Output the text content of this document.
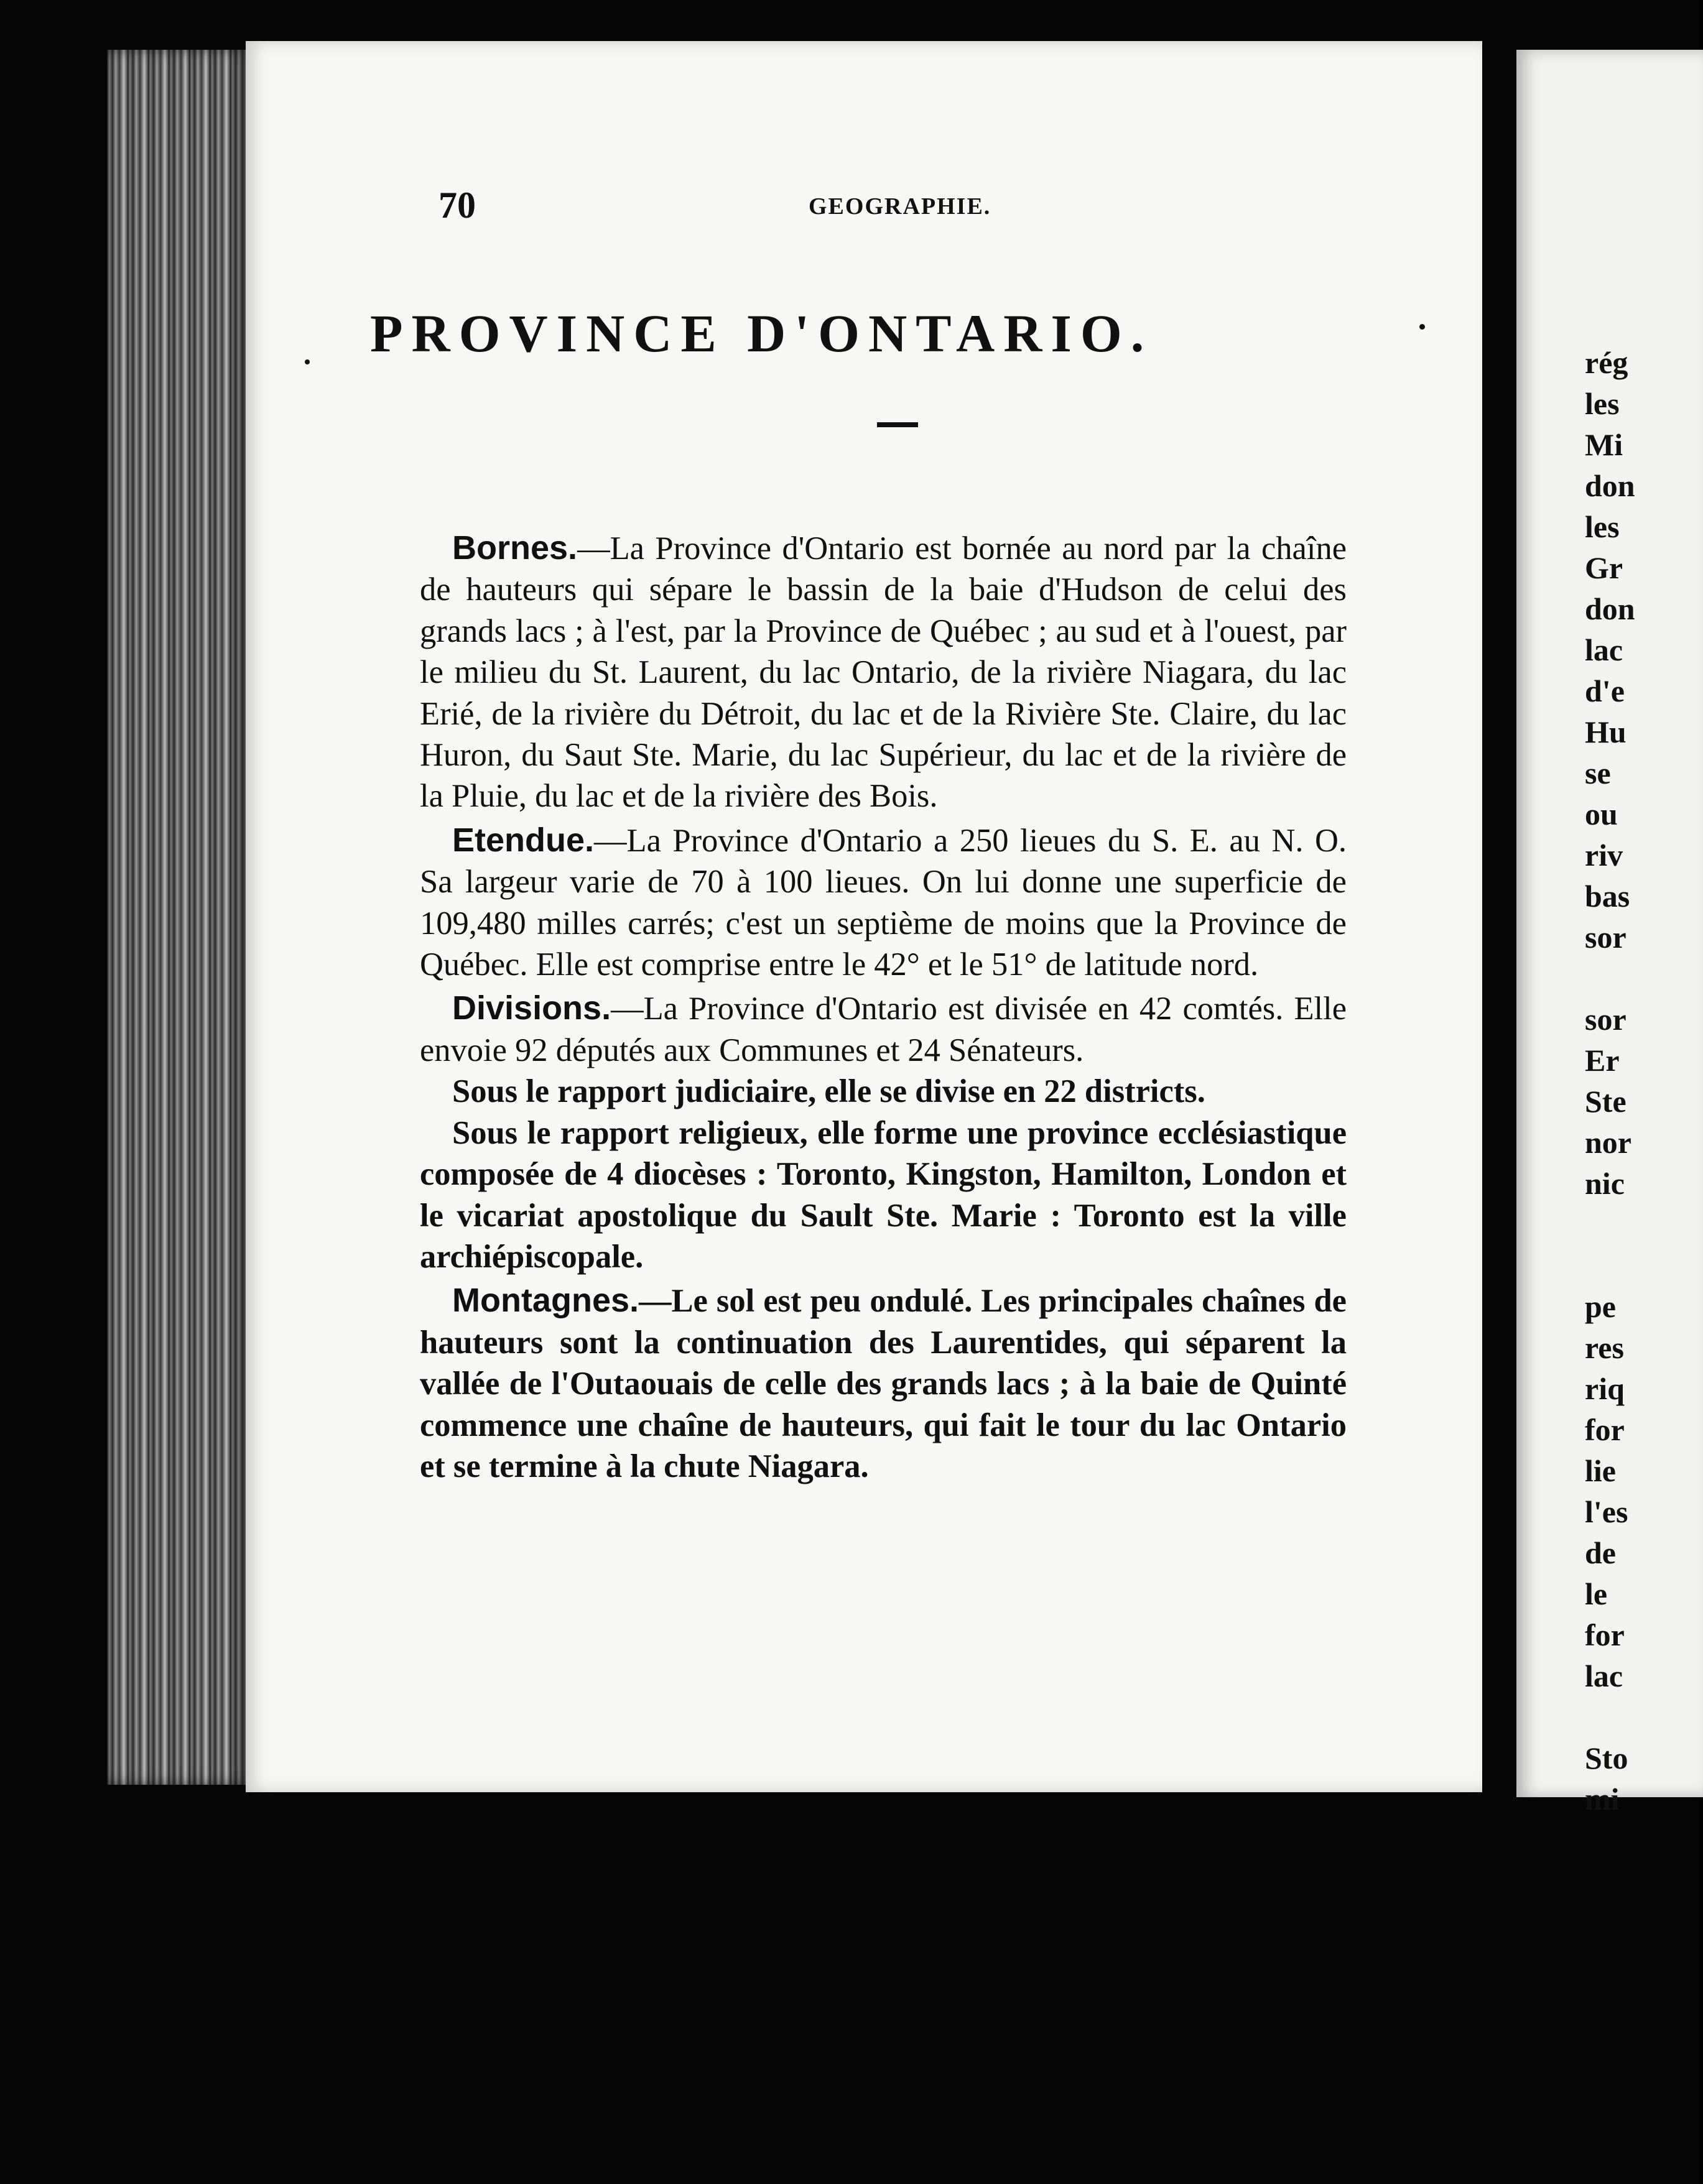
70	GEOGRAPHIE.
PROVINCE D'ONTARIO.

Bornes.—La Province d'Ontario est bornée au nord par la chaîne de hauteurs qui sépare le bassin de la baie d'Hudson de celui des grands lacs ; à l'est, par la Province de Québec ; au sud et à l'ouest, par le milieu du St. Laurent, du lac Ontario, de la rivière Niagara, du lac Erié, de la rivière du Détroit, du lac et de la Rivière Ste. Claire, du lac Huron, du Saut Ste. Marie, du lac Supérieur, du lac et de la rivière de la Pluie, du lac et de la rivière des Bois.

Etendue.—La Province d'Ontario a 250 lieues du S. E. au N. O. Sa largeur varie de 70 à 100 lieues. On lui donne une superficie de 109,480 milles carrés; c'est un septième de moins que la Province de Québec. Elle est comprise entre le 42° et le 51° de latitude nord.

Divisions.—La Province d'Ontario est divisée en 42 comtés. Elle envoie 92 députés aux Communes et 24 Sénateurs.

Sous le rapport judiciaire, elle se divise en 22 districts.

Sous le rapport religieux, elle forme une province ecclésiastique composée de 4 diocèses : Toronto, Kingston, Hamilton, London et le vicariat apostolique du Sault Ste. Marie : Toronto est la ville archiépiscopale.

Montagnes.—Le sol est peu ondulé. Les principales chaînes de hauteurs sont la continuation des Laurentides, qui séparent la vallée de l'Outaouais de celle des grands lacs ; à la baie de Quinté commence une chaîne de hauteurs, qui fait le tour du lac Ontario et se termine à la chute Niagara.

rég
les
Mi
don
les
Gr
don
lac
d'e
Hu
se
ou
riv
bas
sor

sor
Er
Ste
nor
nic

pe
res
riq
for
lie
l'es
de
le
for
lac

Sto
mi
